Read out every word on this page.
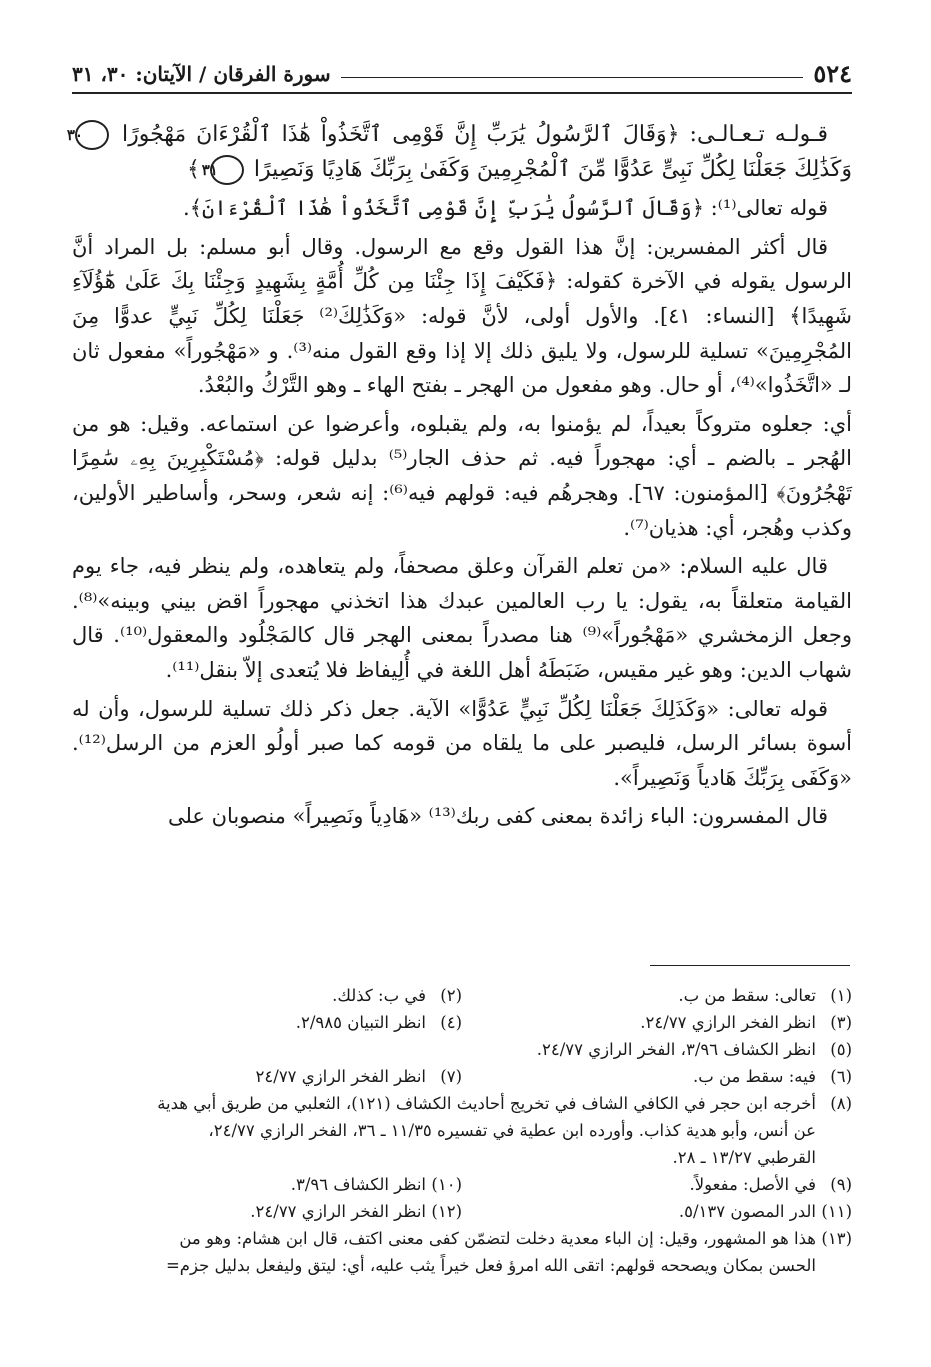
٥٢٤
سورة الفرقان / الآيتان: ٣٠، ٣١

قـولـه تـعـالـى: ﴿وَقَالَ ٱلرَّسُولُ يَٰرَبِّ إِنَّ قَوْمِى ٱتَّخَذُواْ هَٰذَا ٱلْقُرْءَانَ مَهْجُورًا ٣٠ وَكَذَٰلِكَ جَعَلْنَا لِكُلِّ نَبِىٍّ عَدُوًّا مِّنَ ٱلْمُجْرِمِينَ وَكَفَىٰ بِرَبِّكَ هَادِيًا وَنَصِيرًا ٣١ ﴾

قوله تعالى⁽¹⁾: ﴿وَقَالَ ٱلرَّسُولُ يَٰرَبِّ إِنَّ قَوْمِى ٱتَّخَذُواْ هَٰذَا ٱلْقُرْءَانَ﴾.

قال أكثر المفسرين: إنَّ هذا القول وقع مع الرسول. وقال أبو مسلم: بل المراد أنَّ الرسول يقوله في الآخرة كقوله: ﴿فَكَيْفَ إِذَا جِئْنَا مِن كُلِّ أُمَّةٍ بِشَهِيدٍ وَجِئْنَا بِكَ عَلَىٰ هَٰٓؤُلَآءِ شَهِيدًا﴾ [النساء: ٤١]. والأول أولى، لأنَّ قوله: «وَكَذَٰلِكَ⁽²⁾ جَعَلْنَا لِكُلِّ نَبِيٍّ عدوًّا مِنَ المُجْرِمِينَ» تسلية للرسول، ولا يليق ذلك إلا إذا وقع القول منه⁽³⁾. و «مَهْجُوراً» مفعول ثان لـ «اتَّخَذُوا»⁽⁴⁾، أو حال. وهو مفعول من الهجر ـ بفتح الهاء ـ وهو التَّرْكُ والبُعْدُ.

أي: جعلوه متروكاً بعيداً، لم يؤمنوا به، ولم يقبلوه، وأعرضوا عن استماعه. وقيل: هو من الهُجر ـ بالضم ـ أي: مهجوراً فيه. ثم حذف الجار⁽⁵⁾ بدليل قوله: ﴿مُسْتَكْبِرِينَ بِهِۦ سَٰمِرًا تَهْجُرُونَ﴾ [المؤمنون: ٦٧]. وهجرهُم فيه: قولهم فيه⁽⁶⁾: إنه شعر، وسحر، وأساطير الأولين، وكذب وهُجر، أي: هذيان⁽⁷⁾.

قال عليه السلام: «من تعلم القرآن وعلق مصحفاً، ولم يتعاهده، ولم ينظر فيه، جاء يوم القيامة متعلقاً به، يقول: يا رب العالمين عبدك هذا اتخذني مهجوراً اقض بيني وبينه»⁽⁸⁾. وجعل الزمخشري «مَهْجُوراً»⁽⁹⁾ هنا مصدراً بمعنى الهجر قال كالمَجْلُود والمعقول⁽¹⁰⁾. قال شهاب الدين: وهو غير مقيس، ضَبَطَهُ أهل اللغة في أُلِيفاظ فلا يُتعدى إلاّ بنقل⁽¹¹⁾.

قوله تعالى: «وَكَذَلِكَ جَعَلْنَا لِكُلِّ نَبِيٍّ عَدُوًّا» الآية. جعل ذكر ذلك تسلية للرسول، وأن له أسوة بسائر الرسل، فليصبر على ما يلقاه من قومه كما صبر أولُو العزم من الرسل⁽¹²⁾. «وَكَفَى بِرَبِّكَ هَادياً وَنَصِيراً».

قال المفسرون: الباء زائدة بمعنى كفى ربك⁽¹³⁾ «هَادِياً ونَصِيراً» منصوبان على

(١)
تعالى: سقط من ب.
(٢)
في ب: كذلك.
(٣)
انظر الفخر الرازي ٢٤/٧٧.
(٤)
انظر التبيان ٢/٩٨٥.
(٥)
انظر الكشاف ٣/٩٦، الفخر الرازي ٢٤/٧٧.
(٦)
فيه: سقط من ب.
(٧)
انظر الفخر الرازي ٢٤/٧٧
(٨)
أخرجه ابن حجر في الكافي الشاف في تخريج أحاديث الكشاف (١٢١)، الثعلبي من طريق أبي هدية
عن أنس، وأبو هدية كذاب. وأورده ابن عطية في تفسيره ١١/٣٥ ـ ٣٦، الفخر الرازي ٢٤/٧٧،
القرطبي ١٣/٢٧ ـ ٢٨.
(٩)
في الأصل: مفعولاً.
(١٠)
انظر الكشاف ٣/٩٦.
(١١)
الدر المصون ٥/١٣٧.
(١٢)
انظر الفخر الرازي ٢٤/٧٧.
(١٣)
هذا هو المشهور، وقيل: إن الباء معدية دخلت لتضمّن كفى معنى اكتف، قال ابن هشام: وهو من
الحسن بمكان ويصححه قولهم: اتقى الله امرؤ فعل خيراً يثب عليه، أي: ليتق وليفعل بدليل جزم=
